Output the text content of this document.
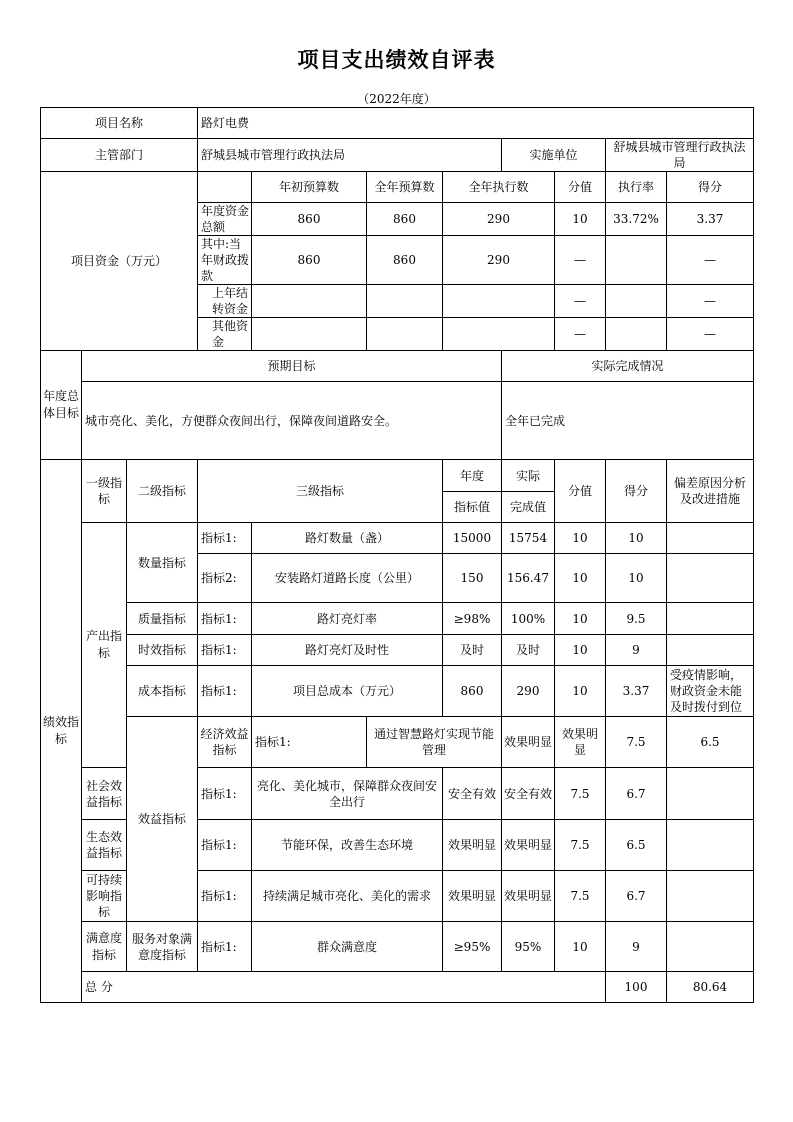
项目支出绩效自评表
（2022年度）
项目名称			路灯电费								
主管部门			舒城县城市管理行政执法局				实施单位		舒城县城市管理行政执法局		
项目资金（万元）				年初预算数	全年预算数	全年执行数		分值	执行率	得分	
			年度资金总额	860	860	290		10	33.72%	3.37	
			其中:当年财政拨款	860	860	290		—		—	
			上年结转资金					—		—	
			其他资金					—		—	
年度总体目标	预期目标						实际完成情况				
	城市亮化、美化，方便群众夜间出行，保障夜间道路安全。						全年已完成				
绩效指标	一级指标	二级指标	三级指标			年度	实际	分值	得分	偏差原因分析及改进措施	
						指标值	完成值				
	产出指标	数量指标	指标1:	路灯数量（盏）		15000	15754	10	10		
			指标2:	安装路灯道路长度（公里）		150	156.47	10	10		
		质量指标	指标1:	路灯亮灯率		≥98%	100%	10	9.5		
		时效指标	指标1:	路灯亮灯及时性		及时	及时	10	9		
		成本指标	指标1:	项目总成本（万元）		860	290	10	3.37	受疫情影响，财政资金未能及时拨付到位	
		效益指标	经济效益指标	指标1:	通过智慧路灯实现节能管理		效果明显	效果明显	7.5	6.5	
	社会效益指标		指标1:	亮化、美化城市，保障群众夜间安全出行		安全有效	安全有效	7.5	6.7		
	生态效益指标		指标1:	节能环保，改善生态环境		效果明显	效果明显	7.5	6.5		
	可持续影响指标		指标1:	持续满足城市亮化、美化的需求		效果明显	效果明显	7.5	6.7		
	满意度指标	服务对象满意度指标	指标1:	群众满意度		≥95%	95%	10	9		
	总 分								100	80.64	
